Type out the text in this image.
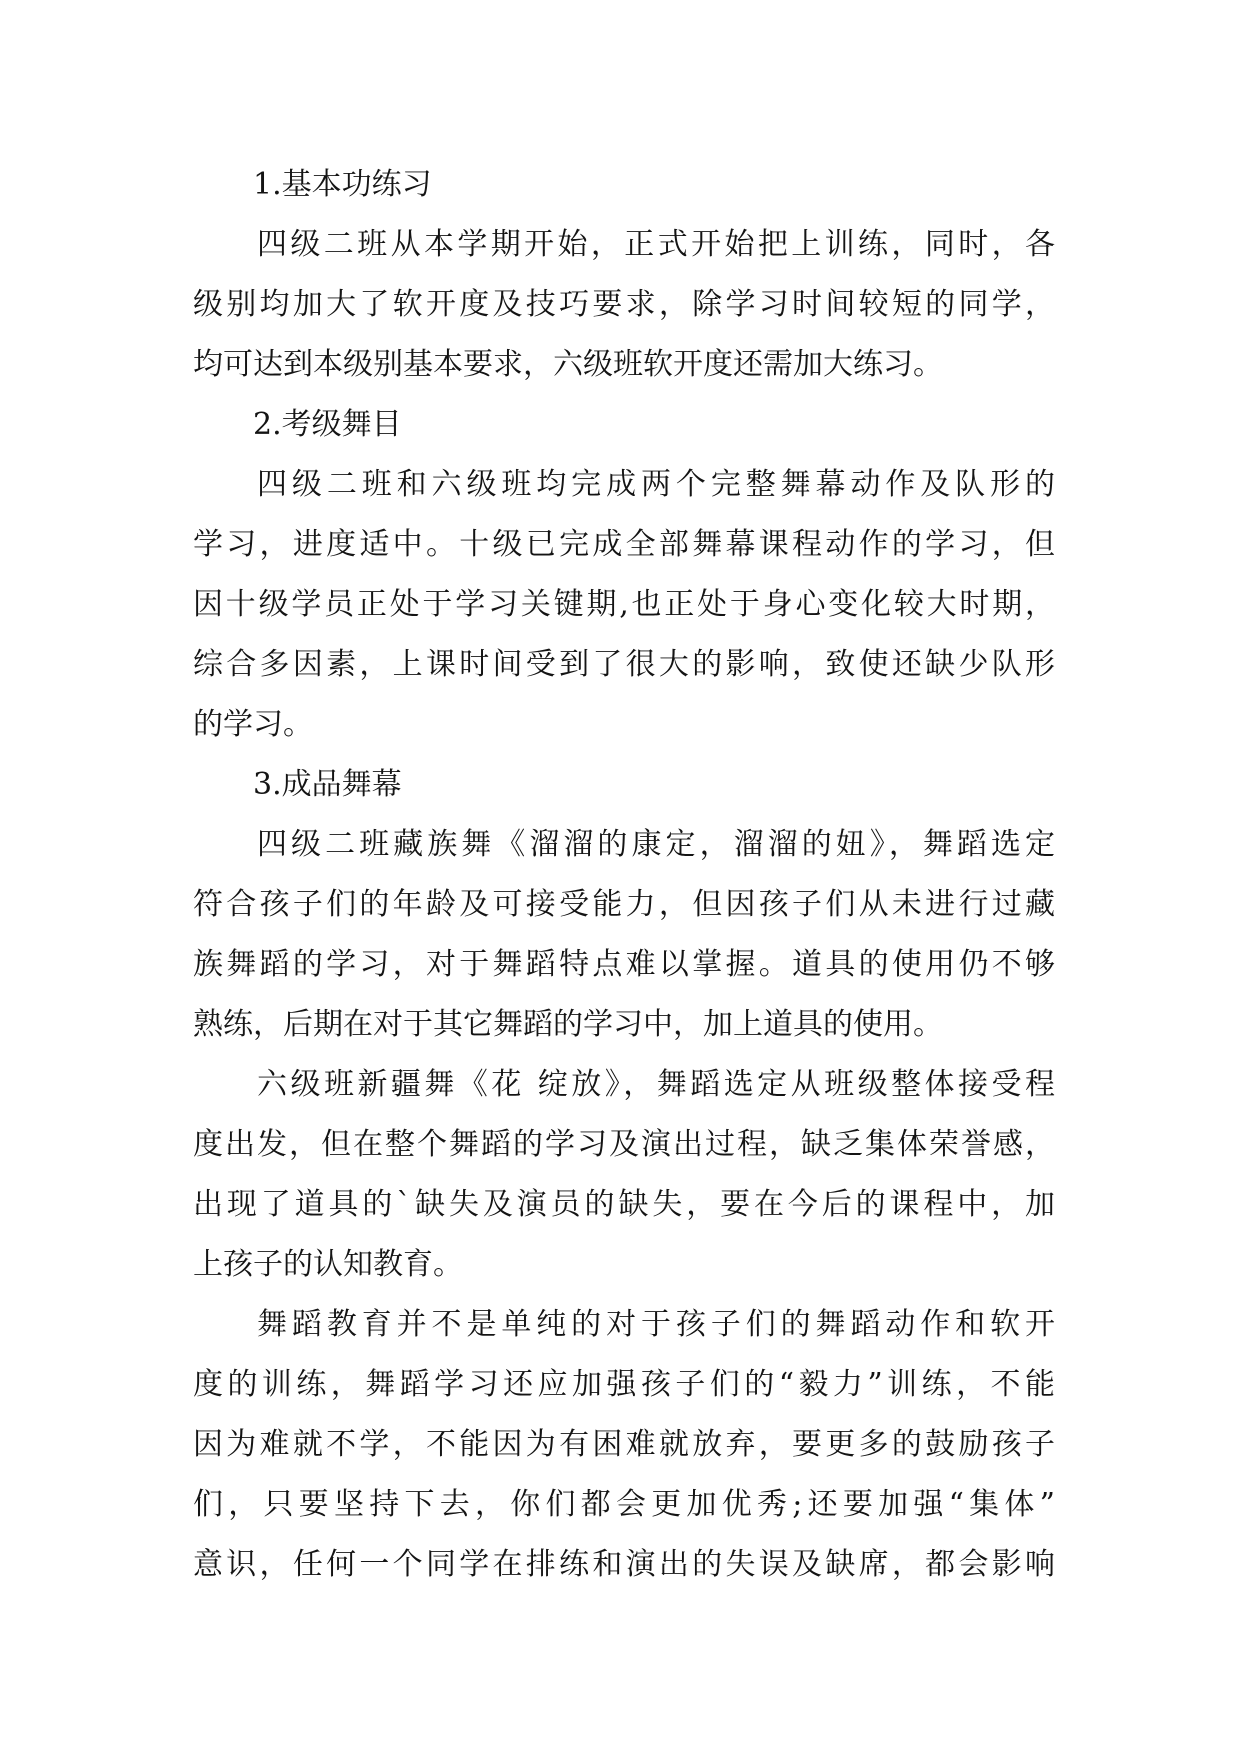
1.基本功练习
四级二班从本学期开始，正式开始把上训练，同时，各
级别均加大了软开度及技巧要求，除学习时间较短的同学，
均可达到本级别基本要求，六级班软开度还需加大练习。
2.考级舞目
四级二班和六级班均完成两个完整舞幕动作及队形的
学习，进度适中。十级已完成全部舞幕课程动作的学习，但
因十级学员正处于学习关键期,也正处于身心变化较大时期，
综合多因素，上课时间受到了很大的影响，致使还缺少队形
的学习。
3.成品舞幕
四级二班藏族舞《溜溜的康定，溜溜的妞》，舞蹈选定
符合孩子们的年龄及可接受能力，但因孩子们从未进行过藏
族舞蹈的学习，对于舞蹈特点难以掌握。道具的使用仍不够
熟练，后期在对于其它舞蹈的学习中，加上道具的使用。
六级班新疆舞《花 绽放》，舞蹈选定从班级整体接受程
度出发，但在整个舞蹈的学习及演出过程，缺乏集体荣誉感，
出现了道具的`缺失及演员的缺失，要在今后的课程中，加
上孩子的认知教育。
舞蹈教育并不是单纯的对于孩子们的舞蹈动作和软开
度的训练，舞蹈学习还应加强孩子们的“毅力”训练，不能
因为难就不学，不能因为有困难就放弃，要更多的鼓励孩子
们，只要坚持下去，你们都会更加优秀;还要加强“集体”
意识，任何一个同学在排练和演出的失误及缺席，都会影响
